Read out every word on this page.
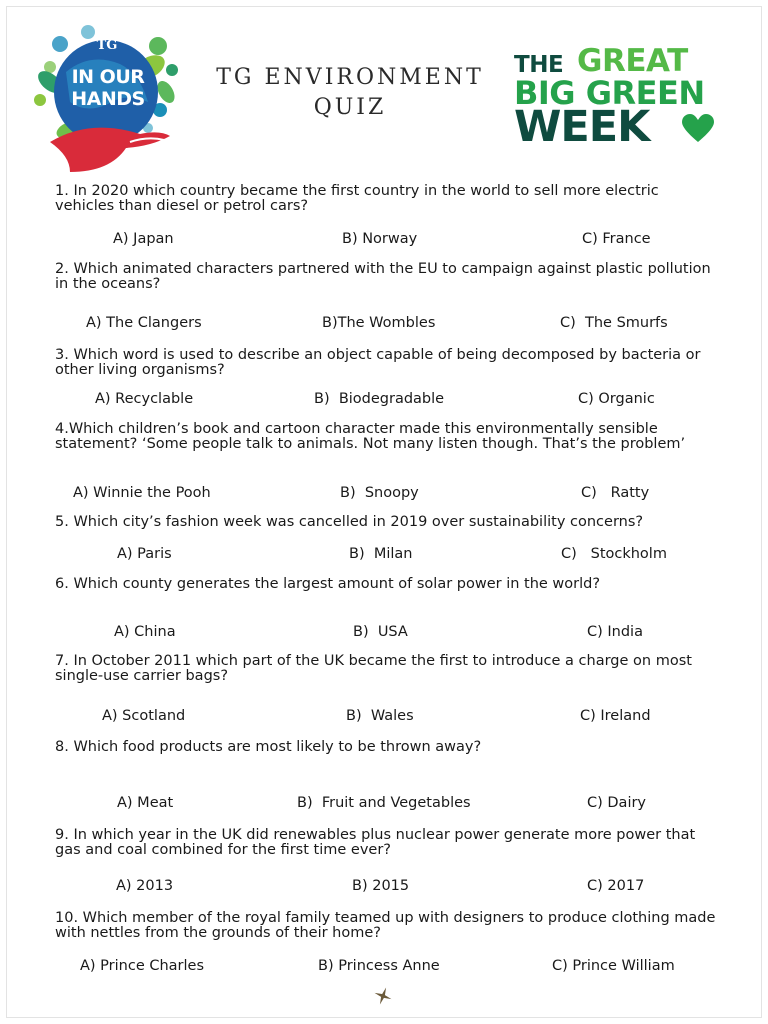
TG
IN OUR
HANDS
TG ENVIRONMENT
QUIZ
THE GREAT
BIG GREEN
WEEK
1. In 2020 which country became the first country in the world to sell more electric vehicles than diesel or petrol cars?
A) Japan	B) Norway	C) France
2. Which animated characters partnered with the EU to campaign against plastic pollution in the oceans?
A) The Clangers	B)The Wombles	C)  The Smurfs
3. Which word is used to describe an object capable of being decomposed by bacteria or other living organisms?
A) Recyclable	B)  Biodegradable	C) Organic
4.Which children’s book and cartoon character made this environmentally sensible statement? ‘Some people talk to animals. Not many listen though. That’s the problem’
A) Winnie the Pooh	B)  Snoopy	C)   Ratty
5. Which city’s fashion week was cancelled in 2019 over sustainability concerns?
A) Paris	B)  Milan	C)   Stockholm
6. Which county generates the largest amount of solar power in the world?
A) China	B)  USA	C) India
7. In October 2011 which part of the UK became the first to introduce a charge on most single-use carrier bags?
A) Scotland	B)  Wales	C) Ireland
8. Which food products are most likely to be thrown away?
A) Meat	B)  Fruit and Vegetables	C) Dairy
9. In which year in the UK did renewables plus nuclear power generate more power that gas and coal combined for the first time ever?
A) 2013	B) 2015	C) 2017
10. Which member of the royal family teamed up with designers to produce clothing made with nettles from the grounds of their home?
A) Prince Charles	B) Princess Anne	C) Prince William
